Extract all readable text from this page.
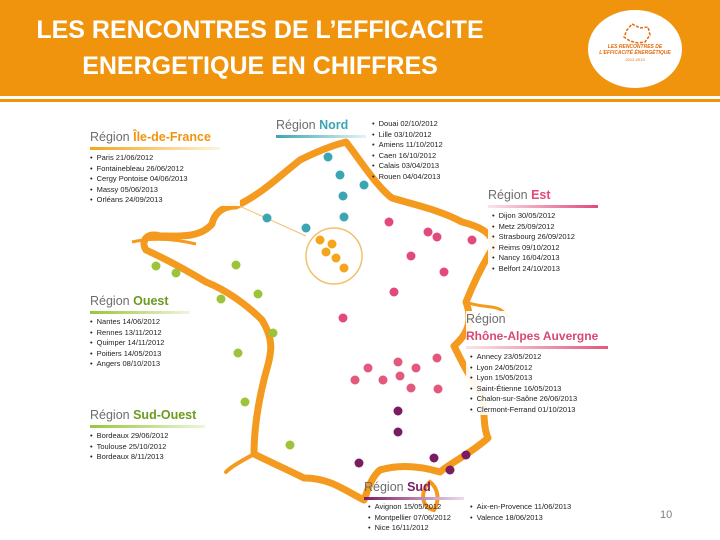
LES RENCONTRES DE L’EFFICACITE
ENERGETIQUE EN CHIFFRES
LES RENCONTRES DE
L'EFFICACITÉ ÉNERGÉTIQUE
2012-2013
Région Île-de-France
• Paris 21/06/2012
• Fontainebleau 26/06/2012
• Cergy Pontoise 04/06/2013
• Massy 05/06/2013
• Orléans 24/09/2013
Région Nord
•	Douai 02/10/2012
• Lille 03/10/2012
• Amiens 11/10/2012
• Caen 16/10/2012
• Calais 03/04/2013
• Rouen 04/04/2013
Région Est
• Dijon 30/05/2012
• Metz 25/09/2012
• Strasbourg 26/09/2012
• Reims 09/10/2012
• Nancy 16/04/2013
• Belfort 24/10/2013
Région Ouest
• Nantes 14/06/2012
• Rennes 13/11/2012
• Quimper 14/11/2012
• Poitiers 14/05/2013
• Angers 08/10/2013
Région
Rhône-Alpes Auvergne
• Annecy 23/05/2012
• Lyon 24/05/2012
• Lyon 15/05/2013
• Saint-Étienne 16/05/2013
• Chalon-sur-Saône 26/06/2013
• Clermont-Ferrand 01/10/2013
Région Sud-Ouest
• Bordeaux 29/06/2012
• Toulouse 25/10/2012
• Bordeaux 8/11/2013
Région Sud
• Avignon 15/05/2012
• Montpellier 07/06/2012
• Nice 16/11/2012
• Aix-en-Provence 11/06/2013
• Valence 18/06/2013	10
